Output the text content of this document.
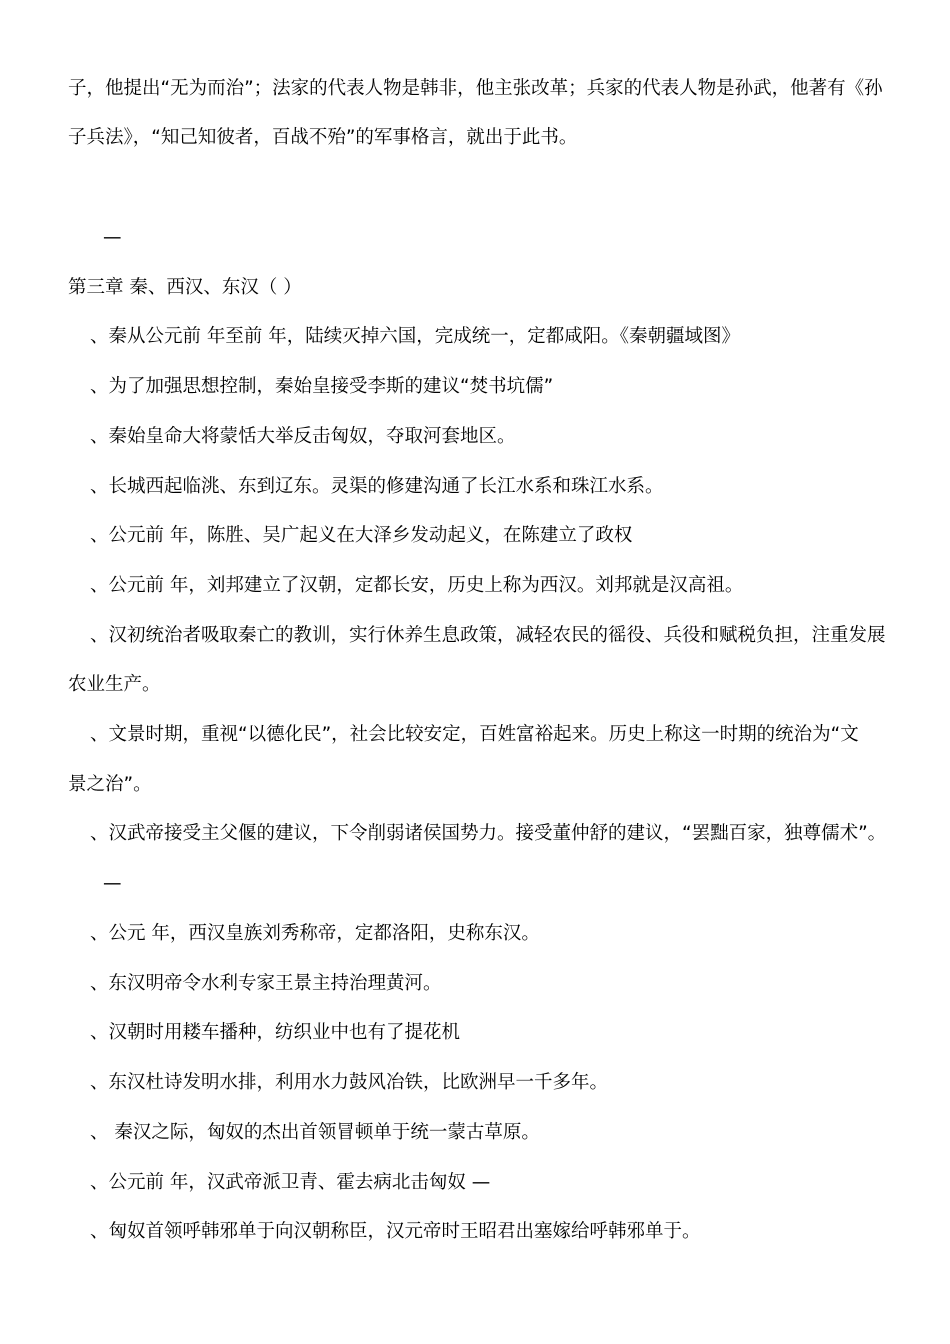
子，他提出“无为而治”；法家的代表人物是韩非，他主张改革；兵家的代表人物是孙武，他著有《孙
子兵法》，“知己知彼者，百战不殆”的军事格言，就出于此书。
—
第三章 秦、西汉、东汉（ ）
、秦从公元前 年至前 年，陆续灭掉六国，完成统一，定都咸阳。《秦朝疆域图》
、为了加强思想控制，秦始皇接受李斯的建议“焚书坑儒”
、秦始皇命大将蒙恬大举反击匈奴，夺取河套地区。
、长城西起临洮、东到辽东。灵渠的修建沟通了长江水系和珠江水系。
、公元前 年，陈胜、吴广起义在大泽乡发动起义，在陈建立了政权
、公元前 年，刘邦建立了汉朝，定都长安，历史上称为西汉。刘邦就是汉高祖。
、汉初统治者吸取秦亡的教训，实行休养生息政策，减轻农民的徭役、兵役和赋税负担，注重发展
农业生产。
、文景时期，重视“以德化民”，社会比较安定，百姓富裕起来。历史上称这一时期的统治为“文
景之治”。
、汉武帝接受主父偃的建议，下令削弱诸侯国势力。接受董仲舒的建议，“罢黜百家，独尊儒术”。
—
、公元 年，西汉皇族刘秀称帝，定都洛阳，史称东汉。
、东汉明帝令水利专家王景主持治理黄河。
、汉朝时用耧车播种，纺织业中也有了提花机
、东汉杜诗发明水排，利用水力鼓风冶铁，比欧洲早一千多年。
、 秦汉之际，匈奴的杰出首领冒顿单于统一蒙古草原。
、公元前 年，汉武帝派卫青、霍去病北击匈奴 —
、匈奴首领呼韩邪单于向汉朝称臣，汉元帝时王昭君出塞嫁给呼韩邪单于。
